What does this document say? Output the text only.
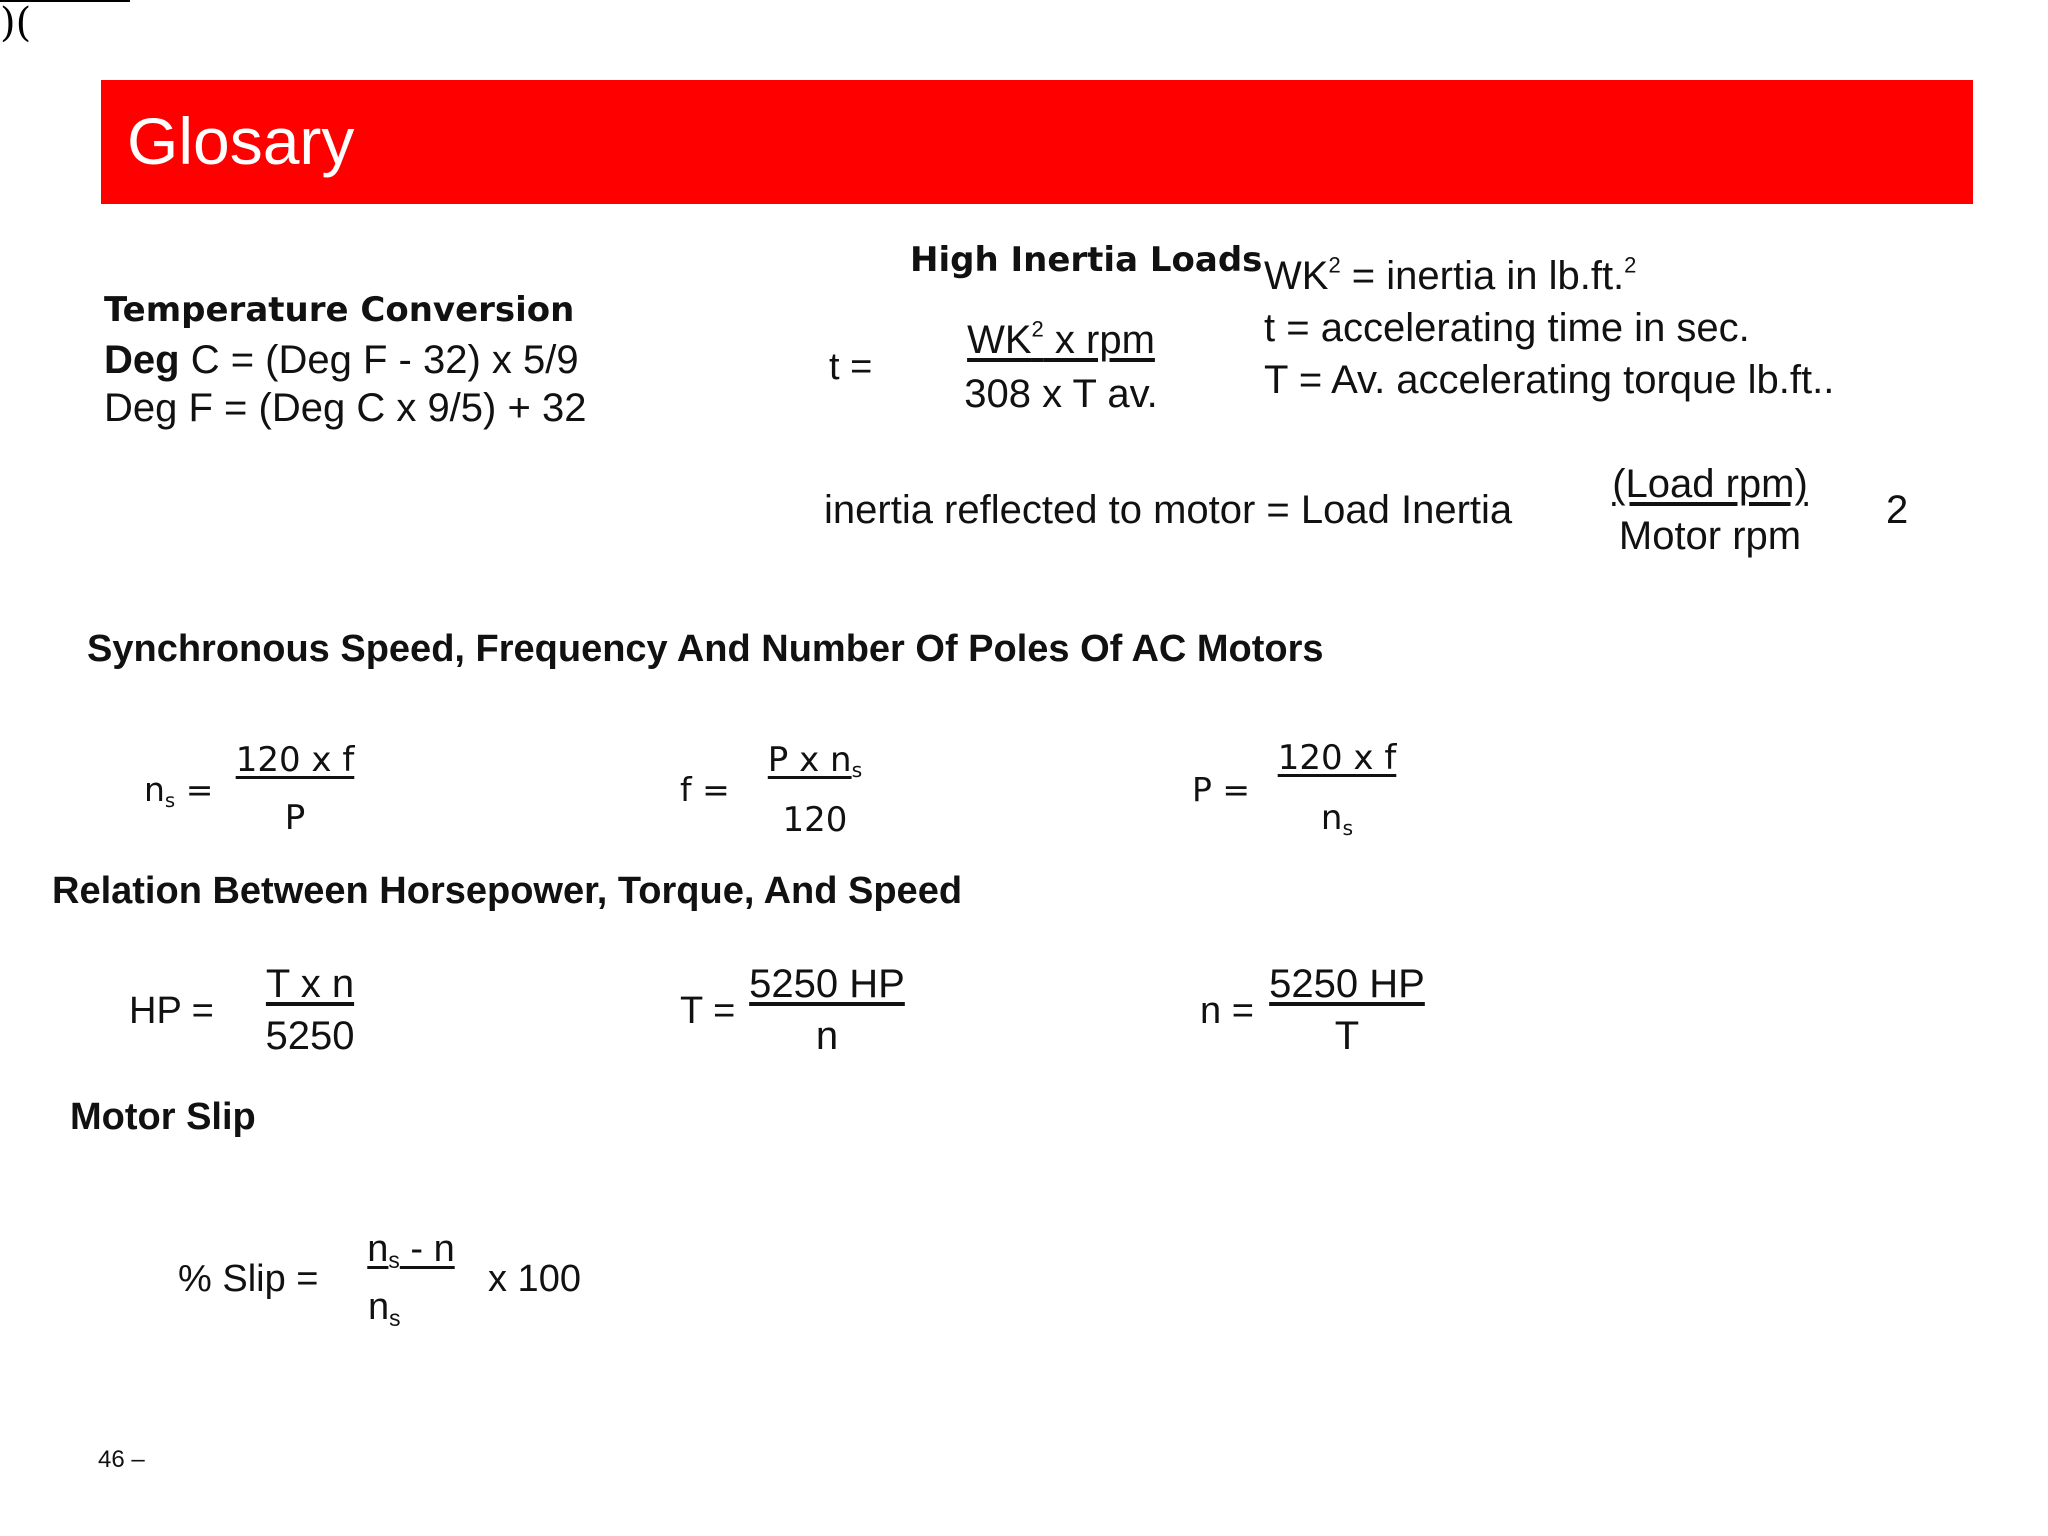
)(
Glosary
Temperature Conversion
Deg C = (Deg F - 32) x 5/9
Deg F = (Deg C x 9/5) + 32
High Inertia Loads
t =
$WK^2$ x rpm
308 x T av.
$WK^2$ = inertia in lb.ft.$^2$
t = accelerating time in sec.
T = Av. accelerating torque lb.ft..
inertia reflected to motor = Load Inertia
(Load rpm)
Motor rpm
2
Synchronous Speed, Frequency And Number Of Poles Of AC Motors
$n_s$ =
120 x f
P
f =
P x $n_s$
120
P =
120 x f
$n_s$
Relation Between Horsepower, Torque, And Speed
HP =
T x n
5250
T =
5250 HP
n
n =
5250 HP
T
Motor Slip
% Slip =
$n_s$ - n
$n_s$
x 100
46 –
